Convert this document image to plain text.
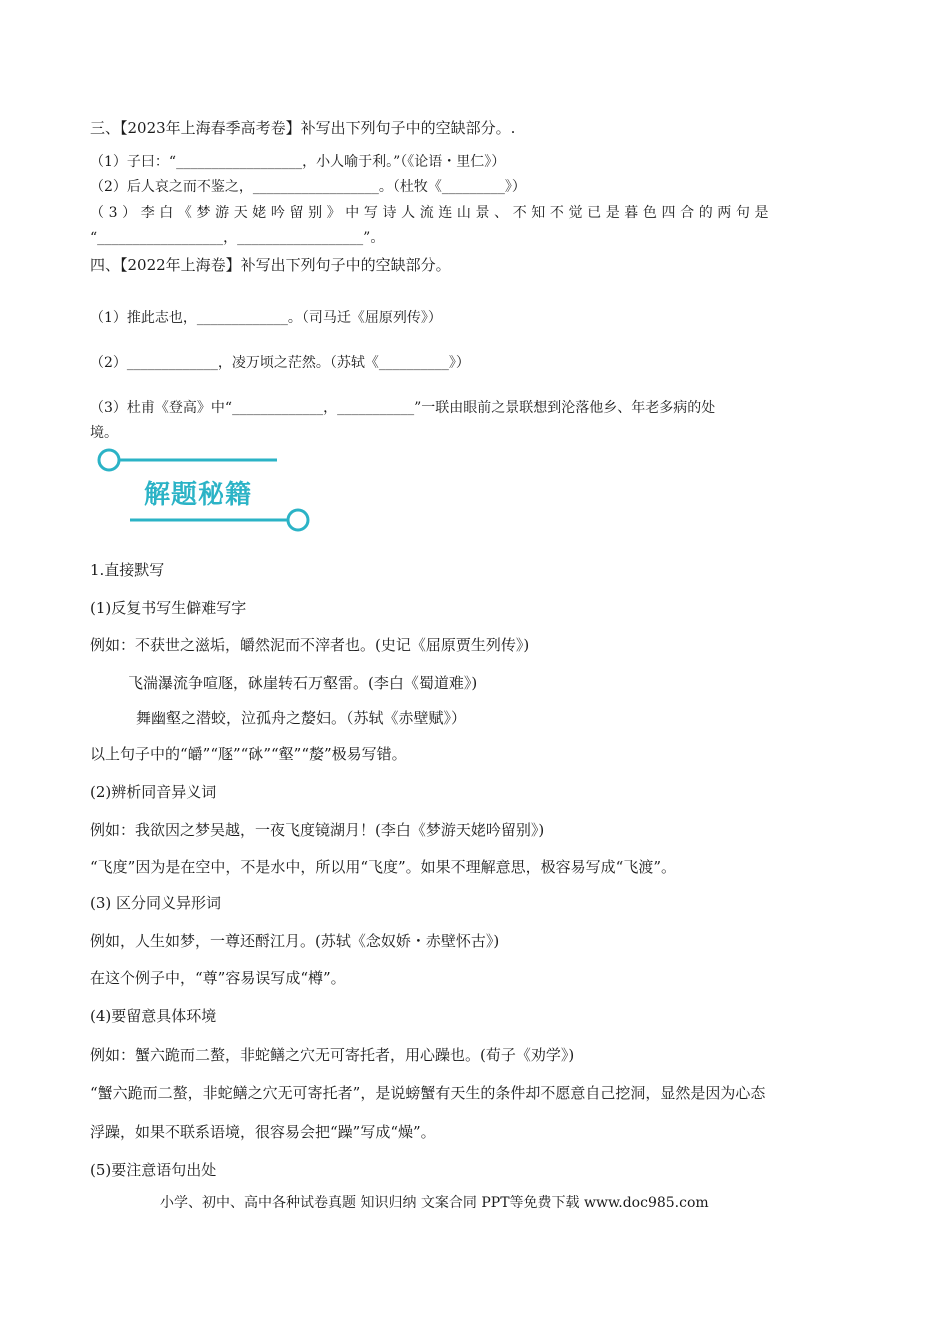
三、【2023年上海春季高考卷】补写出下列句子中的空缺部分。.
（1）子曰：“__________________，小人喻于利。”（《论语・里仁》）
（2）后人哀之而不鉴之，__________________。（杜牧《_________》）
（3）李白《梦游天姥吟留别》中写诗人流连山景、不知不觉已是暮色四合的两句是
“__________________，__________________”。
四、【2022年上海卷】补写出下列句子中的空缺部分。
（1）推此志也，_____________。（司马迁《屈原列传》）
（2）_____________，凌万顷之茫然。（苏轼《__________》）
（3）杜甫《登高》中“_____________，___________”一联由眼前之景联想到沦落他乡、年老多病的处
境。
解题秘籍
1.直接默写
(1)反复书写生僻难写字
例如：不获世之滋垢，皭然泥而不滓者也。(史记《屈原贾生列传》)
飞湍瀑流争喧豗，砯崖转石万壑雷。(李白《蜀道难》)
舞幽壑之潜蛟，泣孤舟之嫠妇。（苏轼《赤壁赋》）
以上句子中的“皭”“豗”“砯”“壑”“嫠”极易写错。
(2)辨析同音异义词
例如：我欲因之梦吴越，一夜飞度镜湖月！(李白《梦游天姥吟留别》)
“飞度”因为是在空中，不是水中，所以用“飞度”。如果不理解意思，极容易写成“飞渡”。
(3) 区分同义异形词
例如，人生如梦，一尊还酹江月。(苏轼《念奴娇・赤壁怀古》)
在这个例子中，“尊”容易误写成“樽”。
(4)要留意具体环境
例如：蟹六跪而二螯，非蛇鳝之穴无可寄托者，用心躁也。(荀子《劝学》)
“蟹六跪而二螯，非蛇鳝之穴无可寄托者”，是说螃蟹有天生的条件却不愿意自己挖洞，显然是因为心态
浮躁，如果不联系语境，很容易会把“躁”写成“燥”。
(5)要注意语句出处
小学、初中、高中各种试卷真题 知识归纳 文案合同 PPT等免费下载 www.doc985.com
